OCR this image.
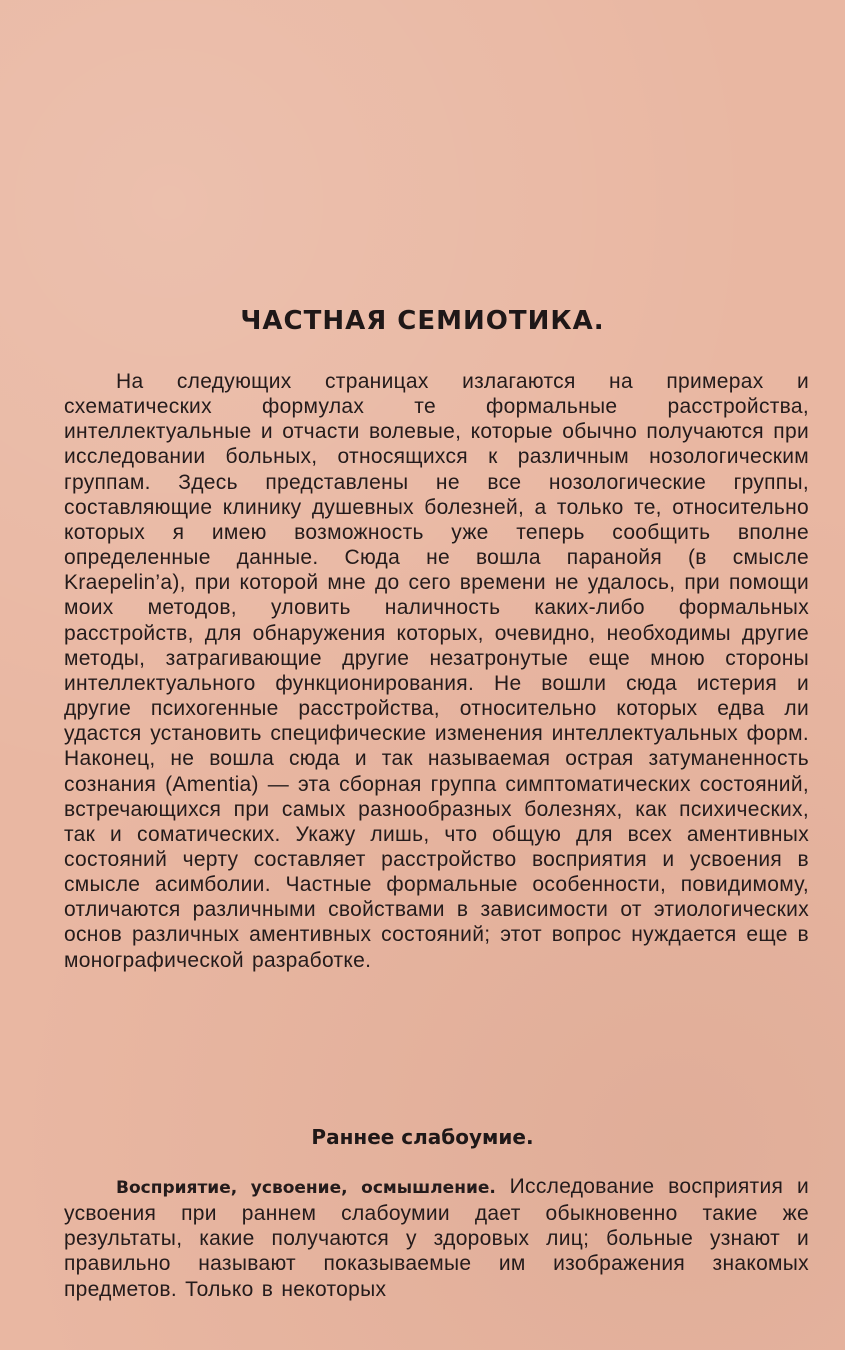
ЧАСТНАЯ СЕМИОТИКА.

На следующих страницах излагаются на примерах и схематических формулах те формальные расстройства, интеллектуальные и отчасти волевые, которые обычно получаются при исследовании больных, относящихся к различным нозологическим группам. Здесь представлены не все нозологические группы, составляющие клинику душевных болезней, а только те, относительно которых я имею возможность уже теперь сообщить вполне определенные данные. Сюда не вошла паранойя (в смысле Kraepelin’a), при которой мне до сего времени не удалось, при помощи моих методов, уловить наличность каких-либо формальных расстройств, для обнаружения которых, очевидно, необходимы другие методы, затрагивающие другие незатронутые еще мною стороны интеллектуального функционирования. Не вошли сюда истерия и другие психогенные расстройства, относительно которых едва ли удастся установить специфические изменения интеллектуальных форм. Наконец, не вошла сюда и так называемая острая затуманенность сознания (Amentia) — эта сборная группа симптоматических состояний, встречающихся при самых разнообразных болезнях, как психических, так и соматических. Укажу лишь, что общую для всех аментивных состояний черту составляет расстройство восприятия и усвоения в смысле асимболии. Частные формальные особенности, повидимому, отличаются различными свойствами в зависимости от этиологических основ различных аментивных состояний; этот вопрос нуждается еще в монографической разработке.

Раннее слабоумие.

Восприятие, усвоение, осмышление. Исследование восприятия и усвоения при раннем слабоумии дает обыкновенно такие же результаты, какие получаются у здоровых лиц; больные узнают и правильно называют показываемые им изображения знакомых предметов. Только в некоторых
